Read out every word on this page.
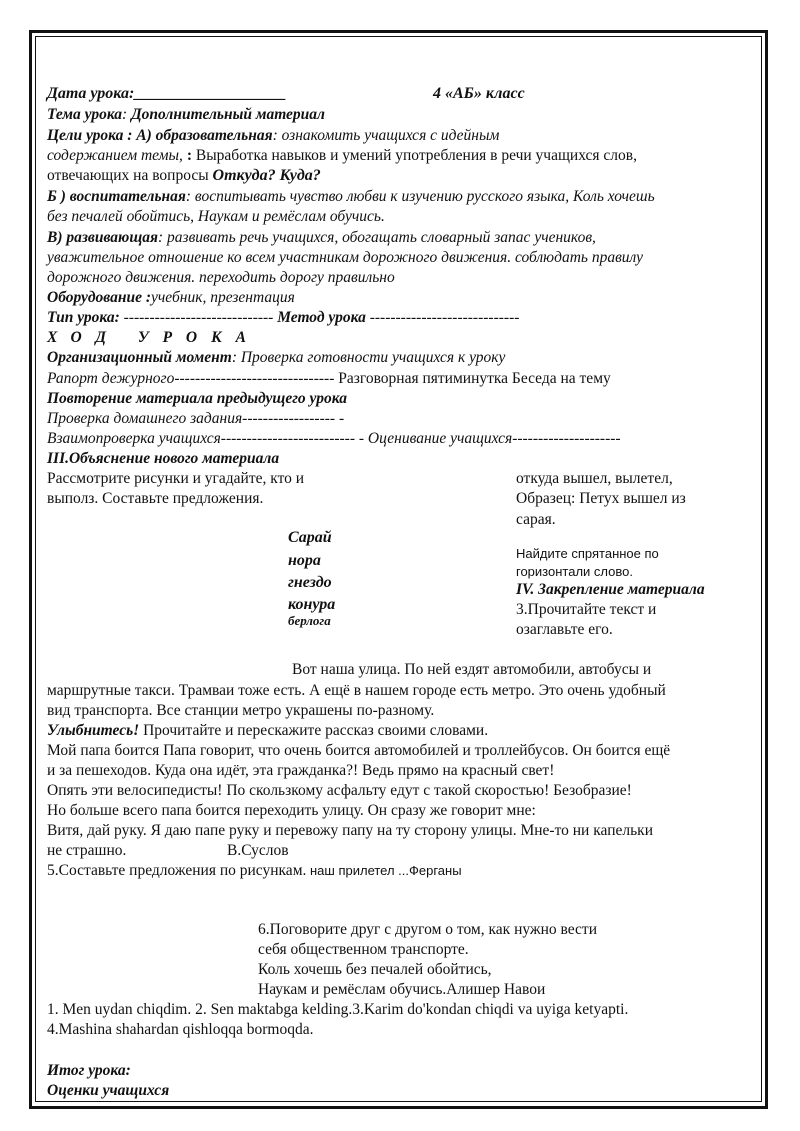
Дата урока:___________________	4 «АБ» класс
Тема урока: Дополнительный материал
Цели урока : А) образовательная: ознакомить учащихся с идейным
содержанием темы, : Выработка навыков и умений употребления в речи учащихся слов,
отвечающих на вопросы Откуда? Куда?
Б ) воспитательная: воспитывать чувство любви к изучению русского языка, Коль хочешь
без печалей обойтись, Наукам и ремёслам обучись.
В) развивающая: развивать речь учащихся, обогащать словарный запас учеников,
уважительное отношение ко всем участникам дорожного движения. соблюдать правилу
дорожного движения. переходить дорогу правильно
Оборудование :учебник, презентация
Тип урока: ----------------------------- Метод урока -----------------------------
ХОД УРОКА
Организационный момент: Проверка готовности учащихся к уроку
Рапорт дежурного------------------------------- Разговорная пятиминутка Беседа на тему
Повторение материала предыдущего урока
Проверка домашнего задания------------------ -
Взаимопроверка учащихся-------------------------- - Оценивание учащихся---------------------
III.Объяснение нового материала
Рассмотрите рисунки и угадайте, кто и
выполз. Составьте предложения.
откуда вышел, вылетел,
Образец: Петух вышел из
сарая.
Сарай
нора
гнездо
конура
берлога
Найдите спрятанное по
горизонтали слово.
IV. Закрепление материала
3.Прочитайте текст и
озаглавьте его.
Вот наша улица. По ней ездят автомобили, автобусы и
маршрутные такси. Трамваи тоже есть. А ещё в нашем городе есть метро. Это очень удобный
вид транспорта. Все станции метро украшены по-разному.
Улыбнитесь! Прочитайте и перескажите рассказ своими словами.
Мой папа боится Папа говорит, что очень боится автомобилей и троллейбусов. Он боится ещё
и за пешеходов. Куда она идёт, эта гражданка?! Ведь прямо на красный свет!
Опять эти велосипедисты! По скользкому асфальту едут с такой скоростью! Безобразие!
Но больше всего папа боится переходить улицу. Он сразу же говорит мне:
Витя, дай руку. Я даю папе руку и перевожу папу на ту сторону улицы. Мне-то ни капельки
не страшно.	В.Суслов
5.Составьте предложения по рисункам. наш прилетел ...Ферганы
6.Поговорите друг с другом о том, как нужно вести
себя общественном транспорте.
Коль хочешь без печалей обойтись,
Наукам и ремёслам обучись.Алишер Навои
1. Men uydan chiqdim. 2. Sen maktabga kelding.3.Karim do'kondan chiqdi va uyiga ketyapti.
4.Mashina shahardan qishloqqa bormoqda.
Итог урока:
Оценки учащихся
